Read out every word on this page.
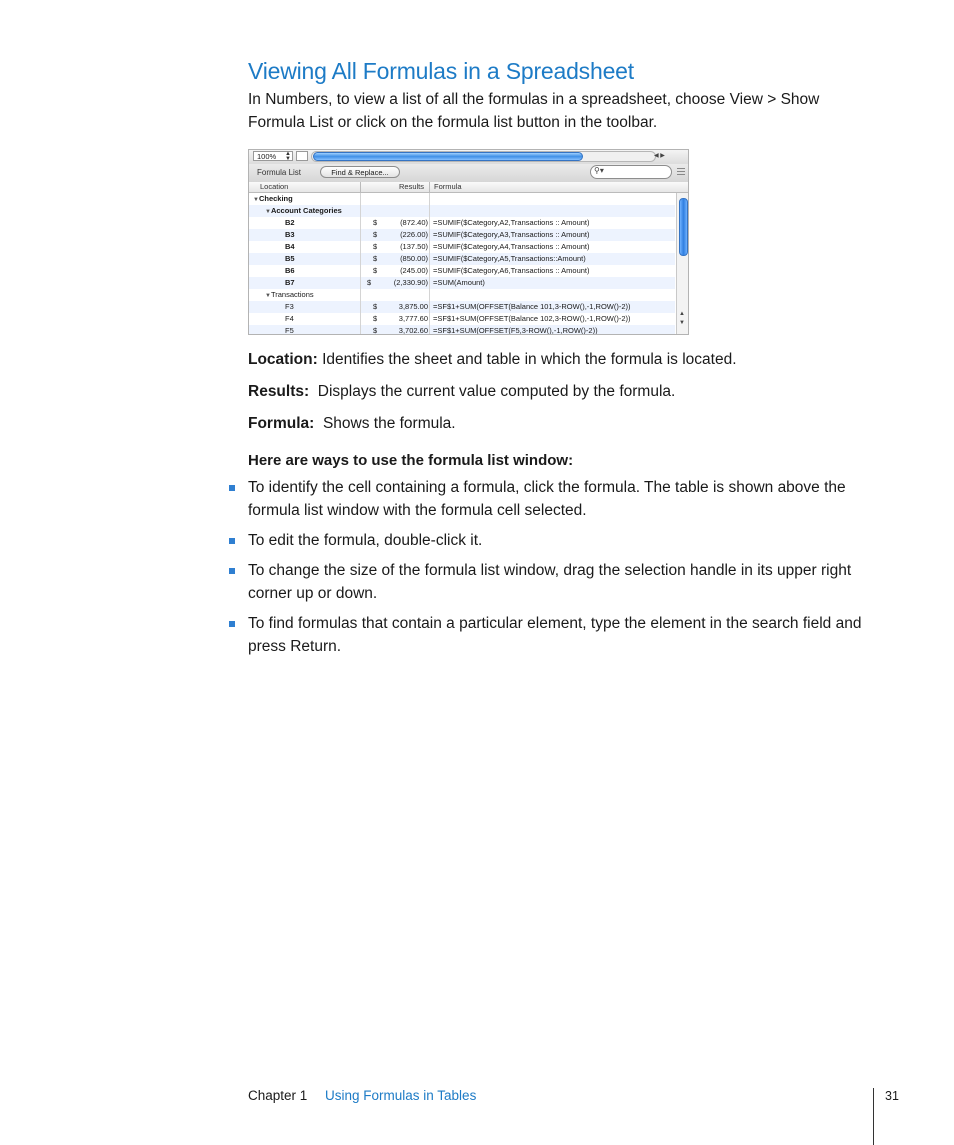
Viewing All Formulas in a Spreadsheet

In Numbers, to view a list of all the formulas in a spreadsheet, choose View > Show Formula List or click on the formula list button in the toolbar.

100%	▲
▼	◀ ▶
Formula List	Find & Replace...	⚲▾
Location	Results Formula
▼Checking
▼Account Categories
B2	$	(872.40) =SUMIF($Category,A2,Transactions :: Amount)
B3	$	(226.00) =SUMIF($Category,A3,Transactions :: Amount)
B4	$	(137.50) =SUMIF($Category,A4,Transactions :: Amount)
B5	$	(850.00) =SUMIF($Category,A5,Transactions::Amount)
B6	$	(245.00) =SUMIF($Category,A6,Transactions :: Amount)
B7	$	(2,330.90) =SUM(Amount)
▼Transactions
F3	$	3,875.00 =SF$1+SUM(OFFSET(Balance 101,3-ROW(),-1,ROW()-2))
F4	$	3,777.60 =SF$1+SUM(OFFSET(Balance 102,3-ROW(),-1,ROW()-2))
F5	$	3,702.60 =SF$1+SUM(OFFSET(F5,3-ROW(),-1,ROW()-2))
▲
▼

Location: Identifies the sheet and table in which the formula is located.

Results: Displays the current value computed by the formula.

Formula: Shows the formula.

Here are ways to use the formula list window:

To identify the cell containing a formula, click the formula. The table is shown above the formula list window with the formula cell selected.
To edit the formula, double-click it.
To change the size of the formula list window, drag the selection handle in its upper right corner up or down.
To find formulas that contain a particular element, type the element in the search field and press Return.
Chapter 1 Using Formulas in Tables	31
